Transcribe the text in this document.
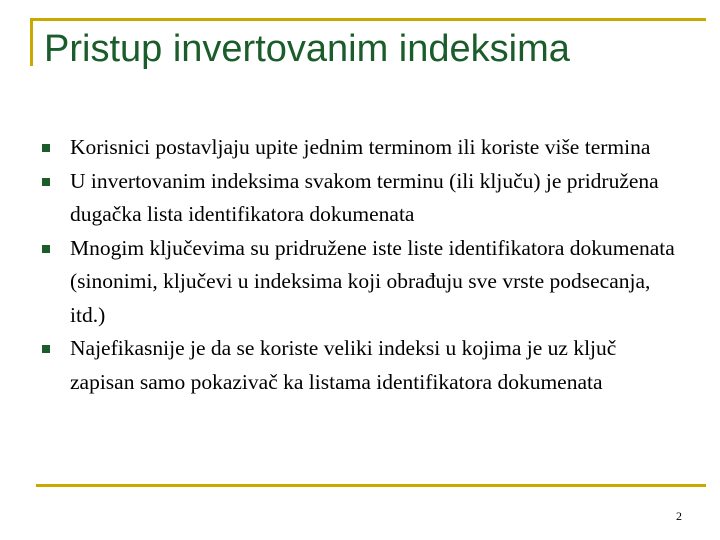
Pristup invertovanim indeksima
Korisnici postavljaju upite jednim terminom ili koriste više termina
U invertovanim indeksima svakom terminu (ili ključu) je pridružena dugačka lista identifikatora dokumenata
Mnogim ključevima su pridružene iste liste identifikatora dokumenata (sinonimi, ključevi u indeksima koji obrađuju sve vrste podsecanja, itd.)
Najefikasnije je da se koriste veliki indeksi u kojima je uz ključ zapisan samo pokazivač ka listama identifikatora dokumenata
2
